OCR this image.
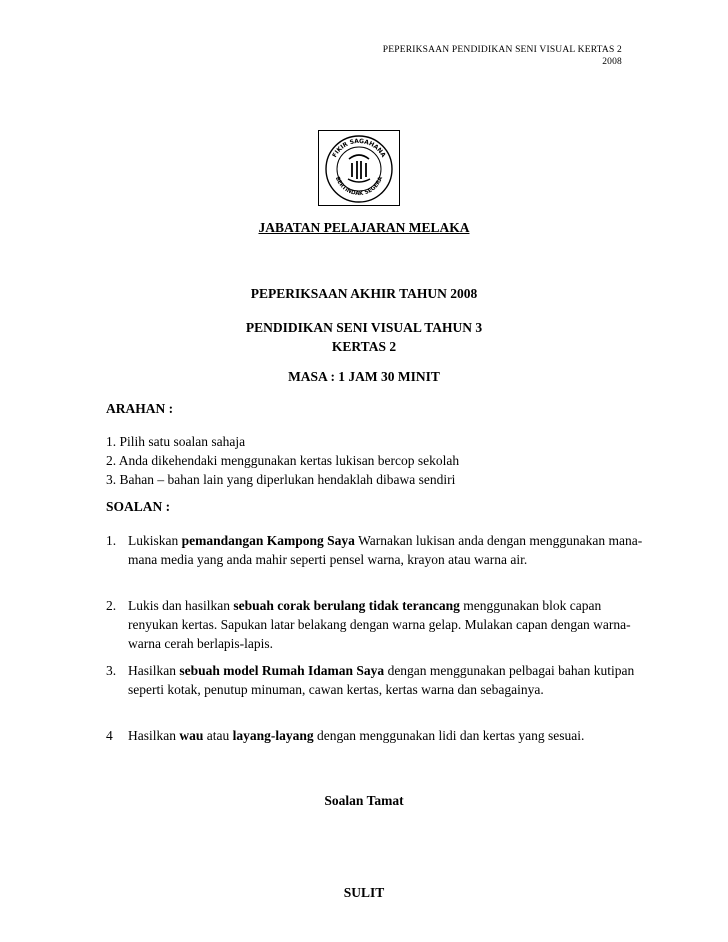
PEPERIKSAAN PENDIDIKAN SENI VISUAL KERTAS 2
2008
FIKIR SAGAHANA
BERTINDAK SEGERA
JABATAN PELAJARAN MELAKA
PEPERIKSAAN AKHIR TAHUN 2008
PENDIDIKAN SENI VISUAL TAHUN 3
KERTAS 2
MASA : 1 JAM 30 MINIT
ARAHAN :
1. Pilih satu soalan sahaja
2. Anda dikehendaki menggunakan kertas lukisan bercop sekolah
3. Bahan – bahan lain yang diperlukan hendaklah dibawa sendiri
SOALAN :
1. Lukiskan pemandangan Kampong Saya Warnakan lukisan anda dengan menggunakan mana-mana media yang anda mahir seperti pensel warna, krayon atau warna air.
2. Lukis dan hasilkan sebuah corak berulang tidak terancang menggunakan blok capan renyukan kertas. Sapukan latar belakang dengan warna gelap. Mulakan capan dengan warna-warna cerah berlapis-lapis.
3. Hasilkan sebuah model Rumah Idaman Saya dengan menggunakan pelbagai bahan kutipan seperti kotak, penutup minuman, cawan kertas, kertas warna dan sebagainya.
4	Hasilkan wau atau layang-layang dengan menggunakan lidi dan kertas yang sesuai.
Soalan Tamat
SULIT
